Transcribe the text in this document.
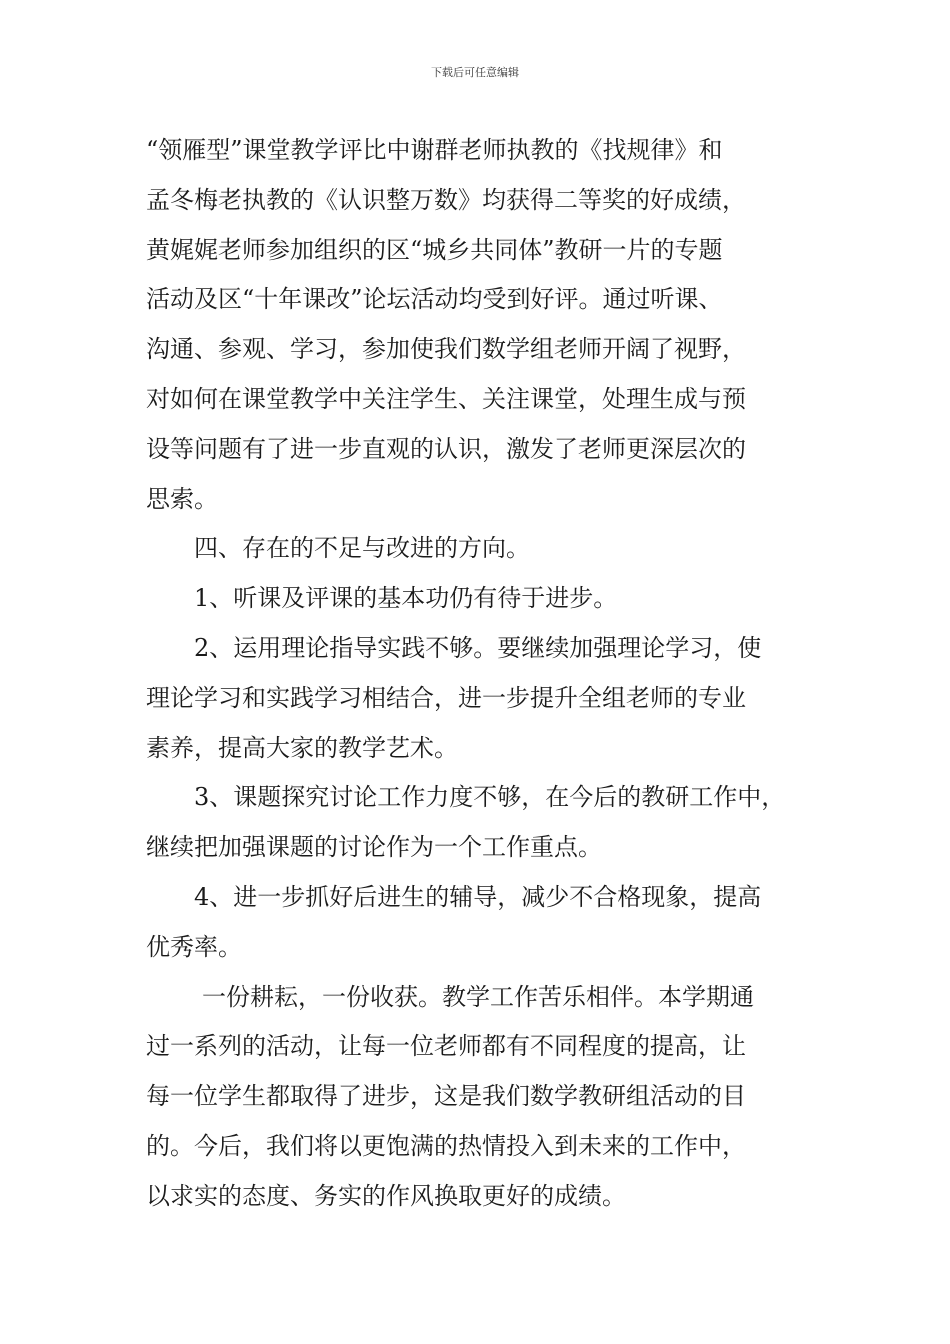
下载后可任意编辑
“领雁型”课堂教学评比中谢群老师执教的《找规律》和
孟冬梅老执教的《认识整万数》均获得二等奖的好成绩，
黄娓娓老师参加组织的区“城乡共同体”教研一片的专题
活动及区“十年课改”论坛活动均受到好评。通过听课、
沟通、参观、学习，参加使我们数学组老师开阔了视野，
对如何在课堂教学中关注学生、关注课堂，处理生成与预
设等问题有了进一步直观的认识，激发了老师更深层次的
思索。
四、存在的不足与改进的方向。
1、听课及评课的基本功仍有待于进步。
2、运用理论指导实践不够。要继续加强理论学习，使
理论学习和实践学习相结合，进一步提升全组老师的专业
素养，提高大家的教学艺术。
3、课题探究讨论工作力度不够，在今后的教研工作中，
继续把加强课题的讨论作为一个工作重点。
4、进一步抓好后进生的辅导，减少不合格现象，提高
优秀率。
一份耕耘，一份收获。教学工作苦乐相伴。本学期通
过一系列的活动，让每一位老师都有不同程度的提高，让
每一位学生都取得了进步，这是我们数学教研组活动的目
的。今后，我们将以更饱满的热情投入到未来的工作中，
以求实的态度、务实的作风换取更好的成绩。
